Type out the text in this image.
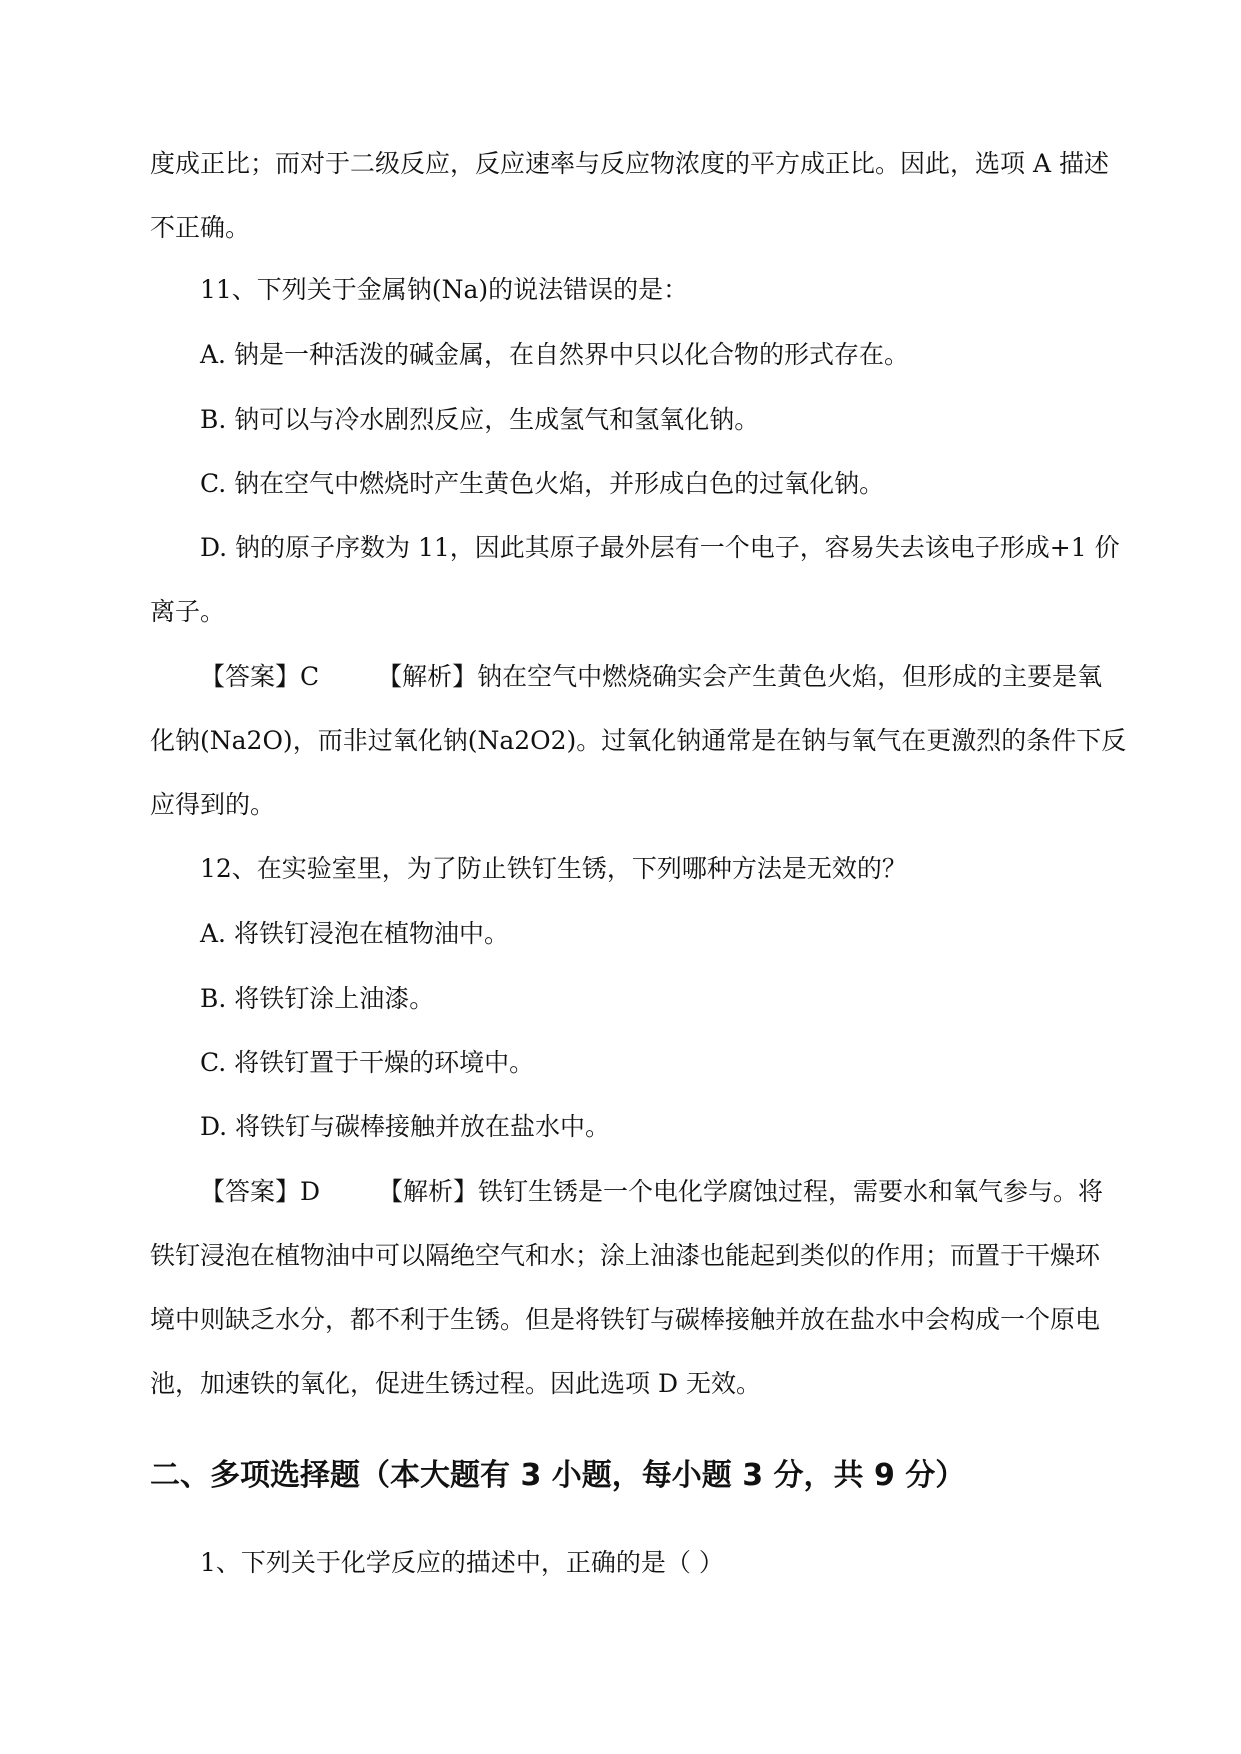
度成正比；而对于二级反应，反应速率与反应物浓度的平方成正比。因此，选项 A 描述
不正确。
11、下列关于金属钠(Na)的说法错误的是：
A. 钠是一种活泼的碱金属，在自然界中只以化合物的形式存在。
B. 钠可以与冷水剧烈反应，生成氢气和氢氧化钠。
C. 钠在空气中燃烧时产生黄色火焰，并形成白色的过氧化钠。
D. 钠的原子序数为 11，因此其原子最外层有一个电子，容易失去该电子形成+1 价
离子。
【答案】C 【解析】钠在空气中燃烧确实会产生黄色火焰，但形成的主要是氧
化钠(Na2O)，而非过氧化钠(Na2O2)。过氧化钠通常是在钠与氧气在更激烈的条件下反
应得到的。
12、在实验室里，为了防止铁钉生锈，下列哪种方法是无效的？
A. 将铁钉浸泡在植物油中。
B. 将铁钉涂上油漆。
C. 将铁钉置于干燥的环境中。
D. 将铁钉与碳棒接触并放在盐水中。
【答案】D 【解析】铁钉生锈是一个电化学腐蚀过程，需要水和氧气参与。将
铁钉浸泡在植物油中可以隔绝空气和水；涂上油漆也能起到类似的作用；而置于干燥环
境中则缺乏水分，都不利于生锈。但是将铁钉与碳棒接触并放在盐水中会构成一个原电
池，加速铁的氧化，促进生锈过程。因此选项 D 无效。
二、多项选择题（本大题有 3 小题，每小题 3 分，共 9 分）
1、下列关于化学反应的描述中，正确的是（ ）
